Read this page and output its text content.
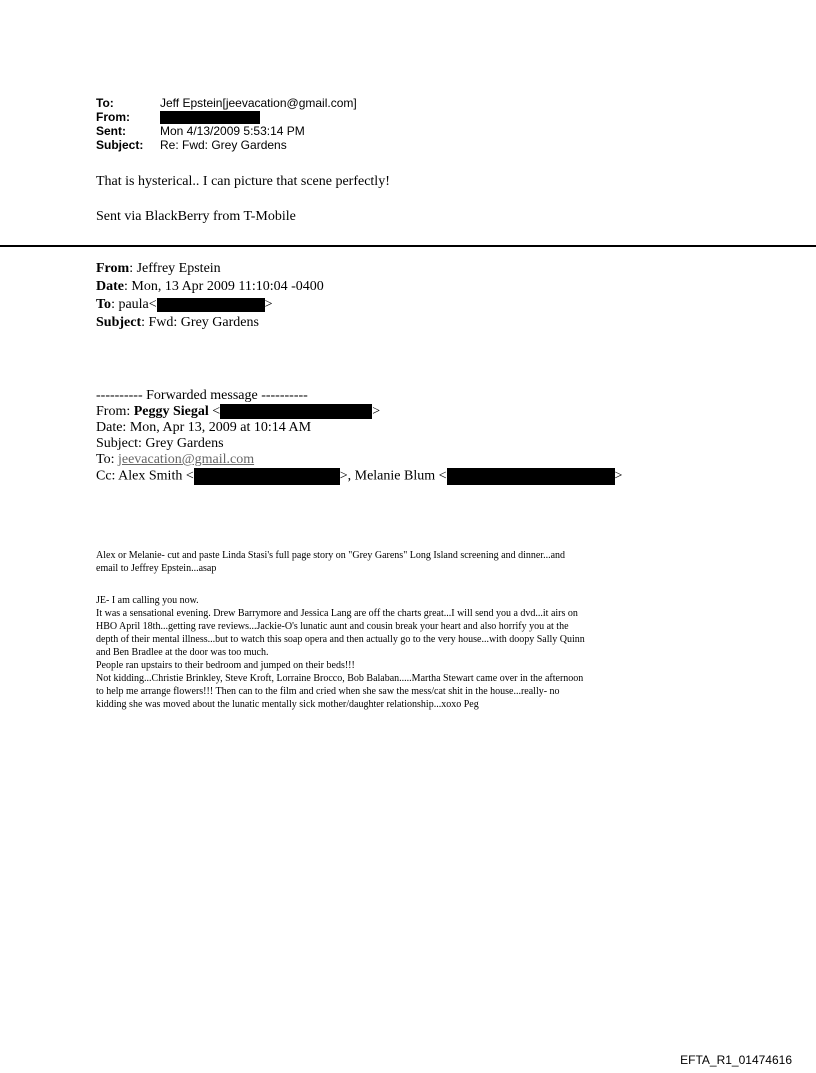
To:	Jeff Epstein[jeevacation@gmail.com]
From:
Sent:	Mon 4/13/2009 5:53:14 PM
Subject: Re: Fwd: Grey Gardens
That is hysterical.. I can picture that scene perfectly!
Sent via BlackBerry from T-Mobile
From: Jeffrey Epstein
Date: Mon, 13 Apr 2009 11:10:04 -0400
To: paula<	>
Subject: Fwd: Grey Gardens
---------- Forwarded message ----------
From: Peggy Siegal <	>
Date: Mon, Apr 13, 2009 at 10:14 AM
Subject: Grey Gardens
To: jeevacation@gmail.com
Cc: Alex Smith <	>, Melanie Blum <	>
Alex or Melanie- cut and paste Linda Stasi's full page story on "Grey Garens" Long Island screening and dinner...and
email to Jeffrey Epstein...asap
JE- I am calling you now.
It was a sensational evening. Drew Barrymore and Jessica Lang are off the charts great...I will send you a dvd...it airs on
HBO April 18th...getting rave reviews...Jackie-O's lunatic aunt and cousin break your heart and also horrify you at the
depth of their mental illness...but to watch this soap opera and then actually go to the very house...with doopy Sally Quinn
and Ben Bradlee at the door was too much.
People ran upstairs to their bedroom and jumped on their beds!!!
Not kidding...Christie Brinkley, Steve Kroft, Lorraine Brocco, Bob Balaban.....Martha Stewart came over in the afternoon
to help me arrange flowers!!! Then can to the film and cried when she saw the mess/cat shit in the house...really- no
kidding she was moved about the lunatic mentally sick mother/daughter relationship...xoxo Peg
EFTA_R1_01474616
